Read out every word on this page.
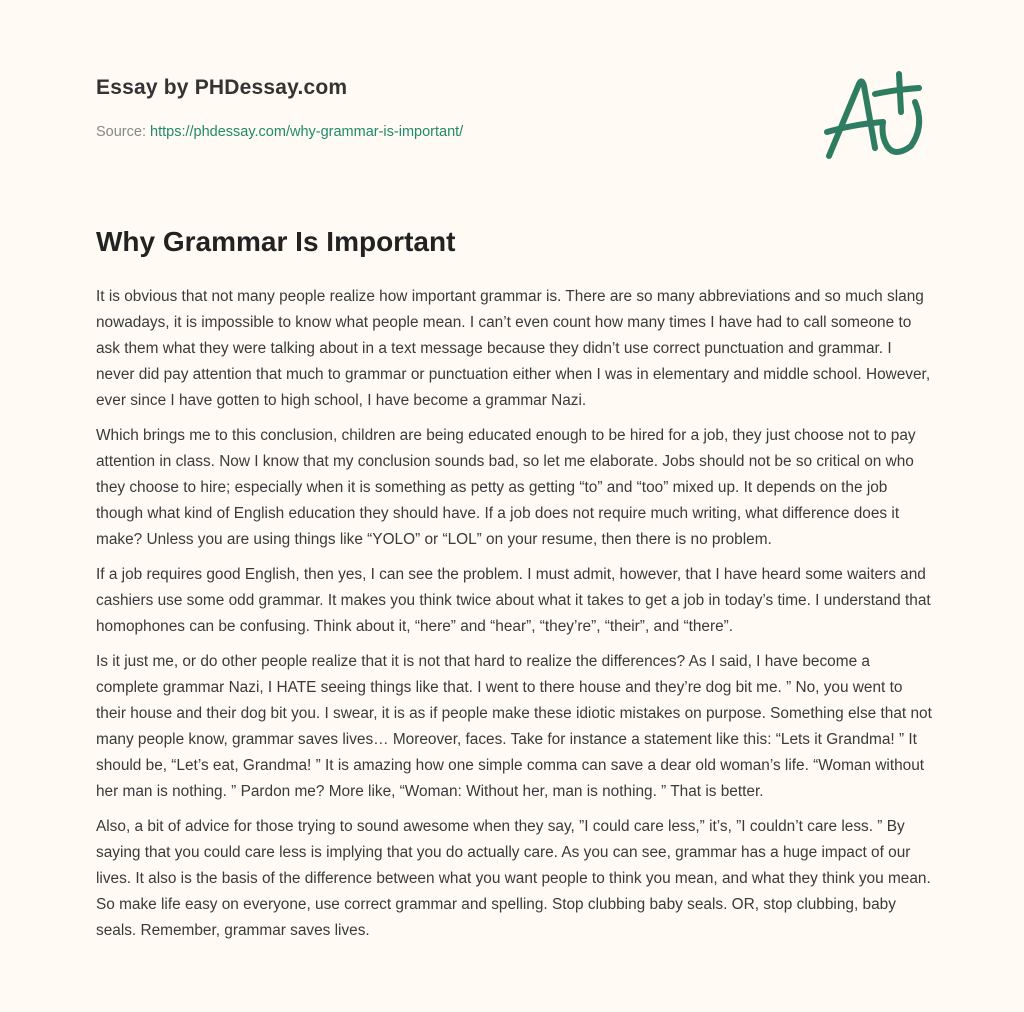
Essay by PHDessay.com

Source: https://phdessay.com/why-grammar-is-important/
Why Grammar Is Important

It is obvious that not many people realize how important grammar is. There are so many abbreviations and so much slang nowadays, it is impossible to know what people mean. I can’t even count how many times I have had to call someone to ask them what they were talking about in a text message because they didn’t use correct punctuation and grammar. I never did pay attention that much to grammar or punctuation either when I was in elementary and middle school. However, ever since I have gotten to high school, I have become a grammar Nazi.

Which brings me to this conclusion, children are being educated enough to be hired for a job, they just choose not to pay attention in class. Now I know that my conclusion sounds bad, so let me elaborate. Jobs should not be so critical on who they choose to hire; especially when it is something as petty as getting “to” and “too” mixed up. It depends on the job though what kind of English education they should have. If a job does not require much writing, what difference does it make? Unless you are using things like “YOLO” or “LOL” on your resume, then there is no problem.

If a job requires good English, then yes, I can see the problem. I must admit, however, that I have heard some waiters and cashiers use some odd grammar. It makes you think twice about what it takes to get a job in today’s time. I understand that homophones can be confusing. Think about it, “here” and “hear”, “they’re”, “their”, and “there”.

Is it just me, or do other people realize that it is not that hard to realize the differences? As I said, I have become a complete grammar Nazi, I HATE seeing things like that. I went to there house and they’re dog bit me. ” No, you went to their house and their dog bit you. I swear, it is as if people make these idiotic mistakes on purpose. Something else that not many people know, grammar saves lives… Moreover, faces. Take for instance a statement like this: “Lets it Grandma! ” It should be, “Let’s eat, Grandma! ” It is amazing how one simple comma can save a dear old woman’s life. “Woman without her man is nothing. ” Pardon me? More like, “Woman: Without her, man is nothing. ” That is better.

Also, a bit of advice for those trying to sound awesome when they say, ”I could care less,” it’s, ”I couldn’t care less. ” By saying that you could care less is implying that you do actually care. As you can see, grammar has a huge impact of our lives. It also is the basis of the difference between what you want people to think you mean, and what they think you mean. So make life easy on everyone, use correct grammar and spelling. Stop clubbing baby seals. OR, stop clubbing, baby seals. Remember, grammar saves lives.
